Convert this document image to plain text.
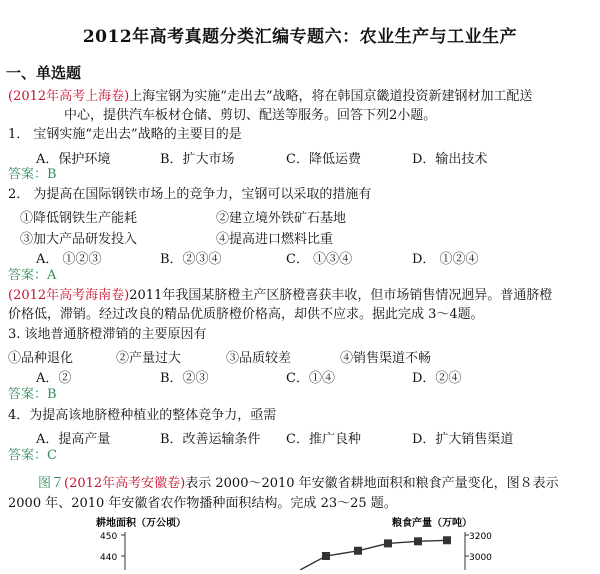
2012年高考真题分类汇编专题六：农业生产与工业生产
一、单选题
(2012年高考上海卷)上海宝钢为实施“走出去”战略，将在韩国京畿道投资新建钢材加工配送
中心，提供汽车板材仓储、剪切、配送等服务。回答下列2小题。
1． 宝钢实施“走出去”战略的主要目的是
A．保护环境	B．扩大市场	C．降低运费	D．输出技术
答案：B
2． 为提高在国际钢铁市场上的竞争力，宝钢可以采取的措施有
①降低钢铁生产能耗	②建立境外铁矿石基地
③加大产品研发投入	④提高进口燃料比重
A． ①②③	B．②③④	C． ①③④	D． ①②④
答案：A
(2012年高考海南卷)2011年我国某脐橙主产区脐橙喜获丰收，但市场销售情况迥异。普通脐橙
价格低，滞销。经过改良的精品优质脐橙价格高，却供不应求。据此完成 3～4题。
3. 该地普通脐橙滞销的主要原因有
①品种退化	②产量过大	③品质较差	④销售渠道不畅
A．②	B．②③	C．①④	D．②④
答案：B
4．为提高该地脐橙种植业的整体竞争力，亟需
A．提高产量	B．改善运输条件 C．推广良种	D．扩大销售渠道
答案：C
图７(2012年高考安徽卷)表示 2000～2010 年安徽省耕地面积和粮食产量变化，图８表示
2000 年、2010 年安徽省农作物播种面积结构。完成 23～25 题。
耕地面积（万公顷）	粮食产量（万吨）
450
440
3200
3000
